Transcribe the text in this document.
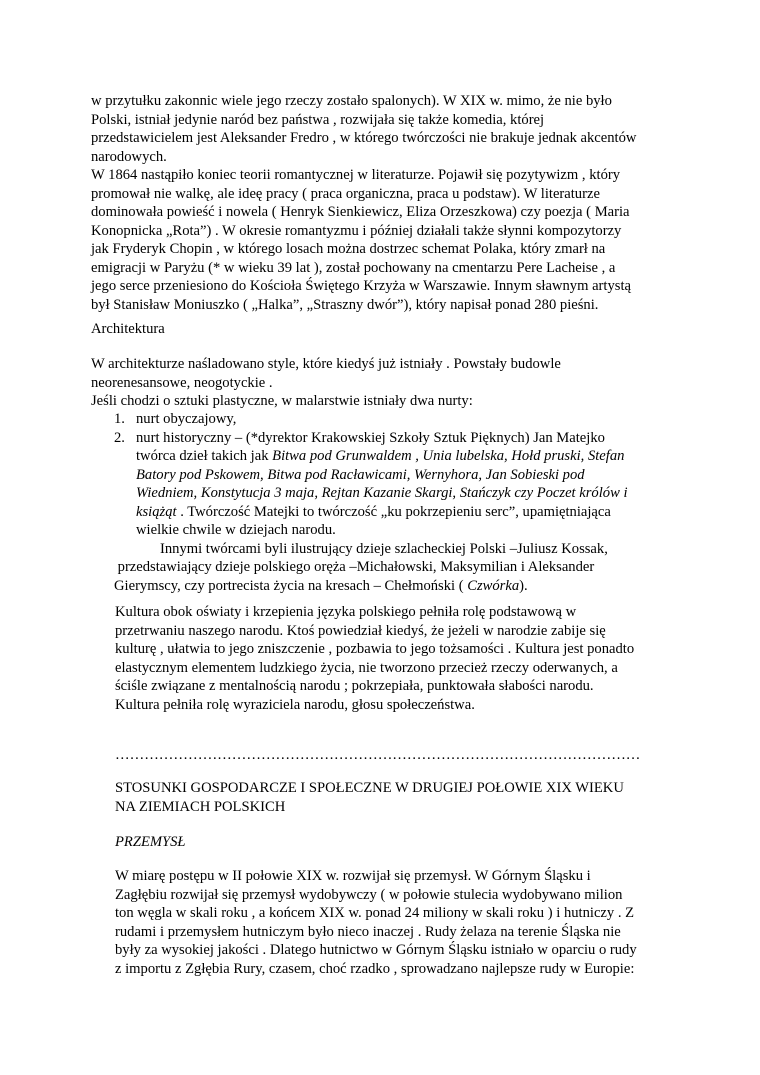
w przytułku zakonnic wiele jego rzeczy zostało spalonych). W XIX w. mimo, że nie było
Polski, istniał jedynie naród bez państwa , rozwijała się także komedia, której
przedstawicielem jest Aleksander Fredro , w którego twórczości nie brakuje jednak akcentów
narodowych.
W 1864 nastąpiło koniec teorii romantycznej w literaturze. Pojawił się pozytywizm , który
promował nie walkę, ale ideę pracy ( praca organiczna, praca u podstaw). W literaturze
dominowała powieść i nowela ( Henryk Sienkiewicz, Eliza Orzeszkowa) czy poezja ( Maria
Konopnicka „Rota”) . W okresie romantyzmu i później działali także słynni kompozytorzy
jak Fryderyk Chopin , w którego losach można dostrzec schemat Polaka, który zmarł na
emigracji w Paryżu (* w wieku 39 lat ), został pochowany na cmentarzu Pere Lacheise , a
jego serce przeniesiono do Kościoła Świętego Krzyża w Warszawie. Innym sławnym artystą
był Stanisław Moniuszko ( „Halka”, „Straszny dwór”), który napisał ponad 280 pieśni.
Architektura
W architekturze naśladowano style, które kiedyś już istniały . Powstały budowle
neorenesansowe, neogotyckie .
Jeśli chodzi o sztuki plastyczne, w malarstwie istniały dwa nurty:
1. nurt obyczajowy,
2. nurt historyczny – (*dyrektor Krakowskiej Szkoły Sztuk Pięknych) Jan Matejko
twórca dzieł takich jak Bitwa pod Grunwaldem , Unia lubelska, Hołd pruski, Stefan
Batory pod Pskowem, Bitwa pod Racławicami, Wernyhora, Jan Sobieski pod
Wiedniem, Konstytucja 3 maja, Rejtan Kazanie Skargi, Stańczyk czy Poczet królów i
książąt . Twórczość Matejki to twórczość „ku pokrzepieniu serc”, upamiętniająca
wielkie chwile w dziejach narodu.
Innymi twórcami byli ilustrujący dzieje szlacheckiej Polski –Juliusz Kossak,
przedstawiający dzieje polskiego oręża –Michałowski, Maksymilian i Aleksander
Gierymscy, czy portrecista życia na kresach – Chełmoński ( Czwórka).
Kultura obok oświaty i krzepienia języka polskiego pełniła rolę podstawową w
przetrwaniu naszego narodu. Ktoś powiedział kiedyś, że jeżeli w narodzie zabije się
kulturę , ułatwia to jego zniszczenie , pozbawia to jego tożsamości . Kultura jest ponadto
elastycznym elementem ludzkiego życia, nie tworzono przecież rzeczy oderwanych, a
ściśle związane z mentalnością narodu ; pokrzepiała, punktowała słabości narodu.
Kultura pełniła rolę wyraziciela narodu, głosu społeczeństwa.
………………………………………………………………………………………………
STOSUNKI GOSPODARCZE I SPOŁECZNE W DRUGIEJ POŁOWIE XIX WIEKU
NA ZIEMIACH POLSKICH
PRZEMYSŁ
W miarę postępu w II połowie XIX w. rozwijał się przemysł. W Górnym Śląsku i
Zagłębiu rozwijał się przemysł wydobywczy ( w połowie stulecia wydobywano milion
ton węgla w skali roku , a końcem XIX w. ponad 24 miliony w skali roku ) i hutniczy . Z
rudami i przemysłem hutniczym było nieco inaczej . Rudy żelaza na terenie Śląska nie
były za wysokiej jakości . Dlatego hutnictwo w Górnym Śląsku istniało w oparciu o rudy
z importu z Zgłębia Rury, czasem, choć rzadko , sprowadzano najlepsze rudy w Europie:
